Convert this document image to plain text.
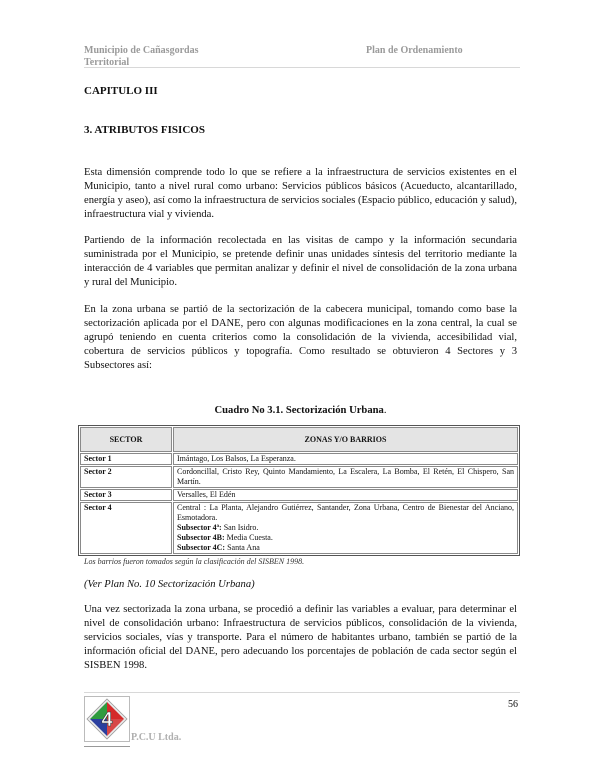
Municipio de Cañasgordas	Plan de Ordenamiento
Territorial
CAPITULO III
3. ATRIBUTOS FISICOS

Esta dimensión comprende todo lo que se refiere a la infraestructura de servicios existentes en el Municipio, tanto a nivel rural como urbano: Servicios públicos básicos (Acueducto, alcantarillado, energía y aseo), así como la infraestructura de servicios sociales (Espacio público, educación y salud), infraestructura vial y vivienda.

Partiendo de la información recolectada en las visitas de campo y la información secundaria suministrada por el Municipio, se pretende definir unas unidades síntesis del territorio mediante la interacción de 4 variables que permitan analizar y definir el nivel de consolidación de la zona urbana y rural del Municipio.

En la zona urbana se partió de la sectorización de la cabecera municipal, tomando como base la sectorización aplicada por el DANE, pero con algunas modificaciones en la zona central, la cual se agrupó teniendo en cuenta criterios como la consolidación de la vivienda, accesibilidad vial, cobertura de servicios públicos y topografía. Como resultado se obtuvieron 4 Sectores y 3 Subsectores así:

Cuadro No 3.1. Sectorización Urbana.
SECTOR	ZONAS Y/O BARRIOS
Sector 1	Imántago, Los Balsos, La Esperanza.
Sector 2	Cordoncillal, Cristo Rey, Quinto Mandamiento, La Escalera, La Bomba, El Retén, El Chispero, San Martín.
Sector 3	Versalles, El Edén
Sector 4	Central : La Planta, Alejandro Gutiérrez, Santander, Zona Urbana, Centro de Bienestar del Anciano, Esmotadora.
Subsector 4ª: San Isidro.
Subsector 4B: Media Cuesta.
Subsector 4C: Santa Ana
Los barrios fueron tomados según la clasificación del SISBEN 1998.
(Ver Plan No. 10 Sectorización Urbana)

Una vez sectorizada la zona urbana, se procedió a definir las variables a evaluar, para determinar el nivel de consolidación urbano: Infraestructura de servicios públicos, consolidación de la vivienda, servicios sociales, vías y transporte. Para el número de habitantes urbano, también se partió de la información oficial del DANE, pero adecuando los porcentajes de población de cada sector según el SISBEN 1998.

56
4
P.C.U Ltda.
